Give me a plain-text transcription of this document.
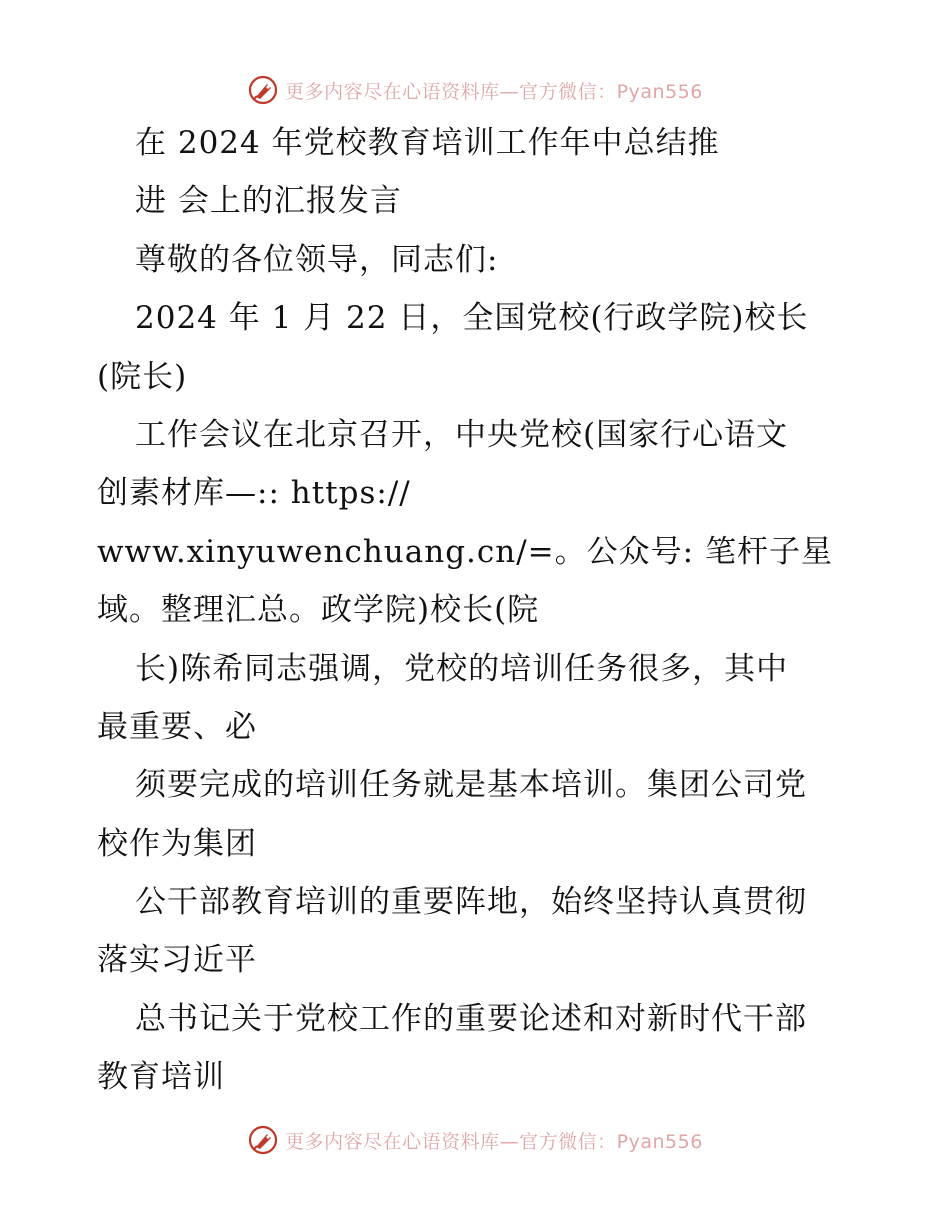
更多内容尽在心语资料库—官方微信：Pyan556
在 2024 年党校教育培训工作年中总结推
进 会上的汇报发言
尊敬的各位领导，同志们:
2024 年 1 月 22 日，全国党校(行政学院)校长
(院长)
工作会议在北京召开，中央党校(国家行心语文
创素材库—:: https://
www.xinyuwenchuang.cn/=。公众号: 笔杆子星
域。整理汇总。政学院)校长(院
长)陈希同志强调，党校的培训任务很多，其中
最重要、必
须要完成的培训任务就是基本培训。集团公司党
校作为集团
公干部教育培训的重要阵地，始终坚持认真贯彻
落实习近平
总书记关于党校工作的重要论述和对新时代干部
教育培训
更多内容尽在心语资料库—官方微信：Pyan556
